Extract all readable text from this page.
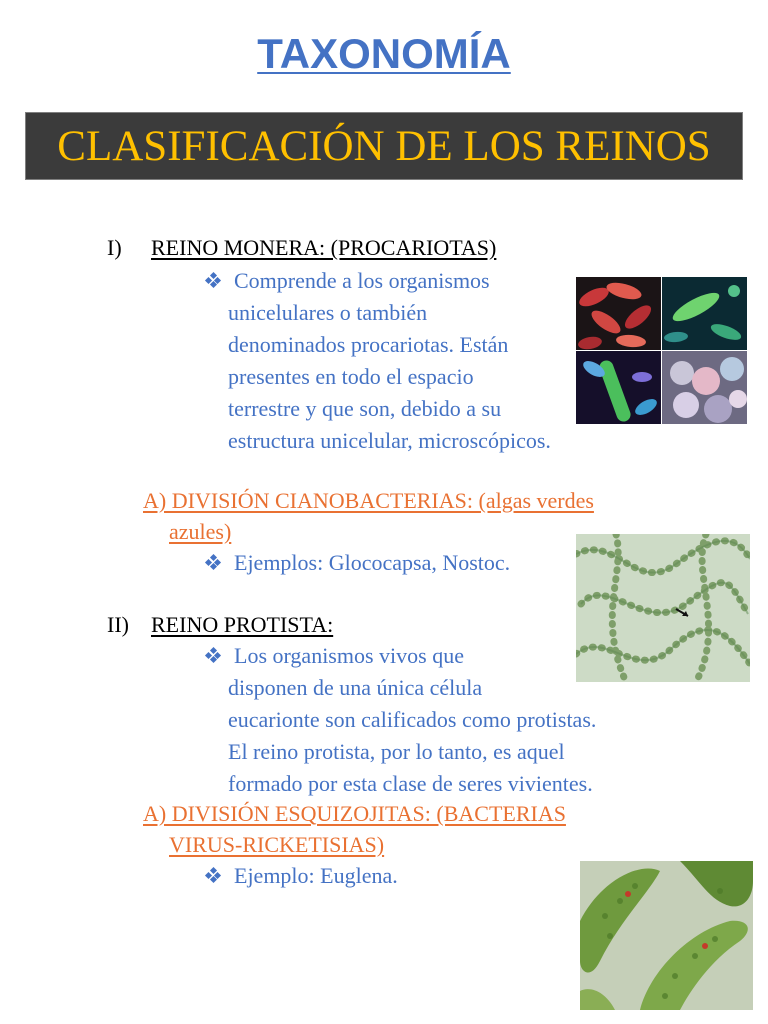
TAXONOMÍA
CLASIFICACIÓN DE LOS REINOS
I) REINO MONERA: (PROCARIOTAS)
Comprende a los organismos
unicelulares o también
denominados procariotas. Están
presentes en todo el espacio
terrestre y que son, debido a su
estructura unicelular, microscópicos.
A) DIVISIÓN CIANOBACTERIAS: (algas verdes
azules)
Ejemplos: Glococapsa, Nostoc.
II) REINO PROTISTA:
Los organismos vivos que
disponen de una única célula
eucarionte son calificados como protistas.
El reino protista, por lo tanto, es aquel
formado por esta clase de seres vivientes.
A) DIVISIÓN ESQUIZOJITAS: (BACTERIAS
VIRUS-RICKETISIAS)
Ejemplo: Euglena.
